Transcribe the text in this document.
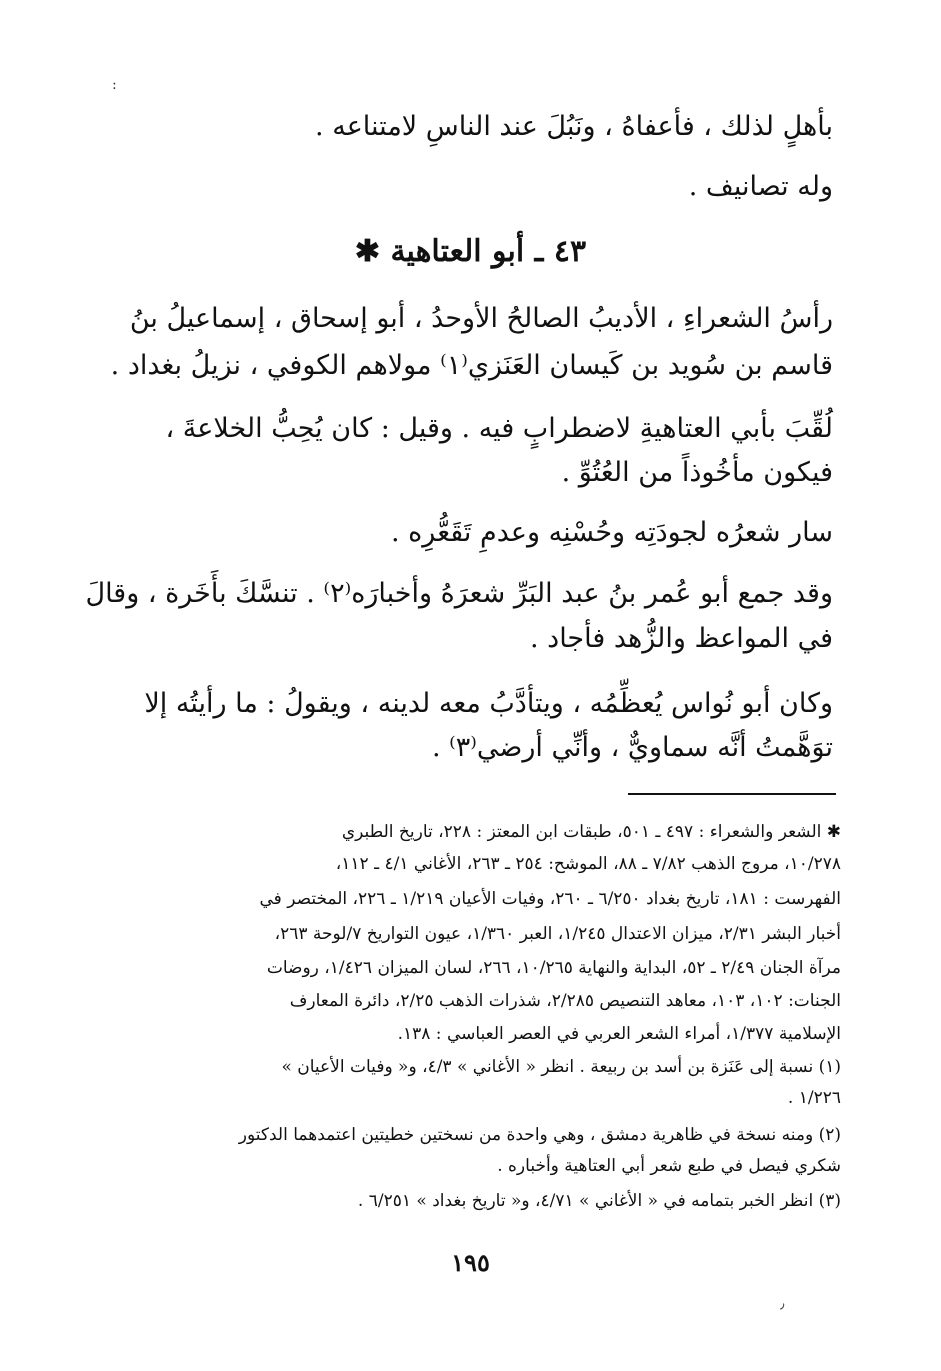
:
بأهلٍ لذلك ، فأعفاهُ ، ونَبُلَ عند الناسِ لامتناعه .
وله تصانيف .
٤٣ ـ أبو العتاهية ✱
رأسُ الشعراءِ ، الأديبُ الصالحُ الأوحدُ ، أبو إسحاق ، إسماعيلُ بنُ
قاسم بن سُويد بن كَيسان العَنَزي⁽١⁾ مولاهم الكوفي ، نزيلُ بغداد .
لُقِّبَ بأبي العتاهيةِ لاضطرابٍ فيه . وقيل : كان يُحِبُّ الخلاعةَ ،
فيكون مأخُوذاً من العُتُوِّ .
سار شعرُه لجودَتِه وحُسْنِه وعدمِ تَقَعُّرِه .
وقد جمع أبو عُمر بنُ عبد البَرِّ شعرَهُ وأخبارَه⁽٢⁾ . تنسَّكَ بأَخَرة ، وقالَ
في المواعظ والزُّهد فأجاد .
وكان أبو نُواس يُعظِّمُه ، ويتأدَّبُ معه لدينه ، ويقولُ : ما رأيتُه إلا
توَهَّمتُ أنَّه سماويٌّ ، وأنِّي أرضي⁽٣⁾ .
✱ الشعر والشعراء : ٤٩٧ ـ ٥٠١، طبقات ابن المعتز : ٢٢٨، تاريخ الطبري
١٠/٢٧٨، مروج الذهب ٧/٨٢ ـ ٨٨، الموشح: ٢٥٤ ـ ٢٦٣، الأغاني ٤/١ ـ ١١٢،
الفهرست : ١٨١، تاريخ بغداد ٦/٢٥٠ ـ ٢٦٠، وفيات الأعيان ١/٢١٩ ـ ٢٢٦، المختصر في
أخبار البشر ٢/٣١، ميزان الاعتدال ١/٢٤٥، العبر ١/٣٦٠، عيون التواريخ ٧/لوحة ٢٦٣،
مرآة الجنان ٢/٤٩ ـ ٥٢، البداية والنهاية ١٠/٢٦٥، ٢٦٦، لسان الميزان ١/٤٢٦، روضات
الجنات: ١٠٢، ١٠٣، معاهد التنصيص ٢/٢٨٥، شذرات الذهب ٢/٢٥، دائرة المعارف
الإسلامية ١/٣٧٧، أمراء الشعر العربي في العصر العباسي : ١٣٨.
(١) نسبة إلى عَنَزة بن أسد بن ربيعة . انظر « الأغاني » ٤/٣، و« وفيات الأعيان »
١/٢٢٦ .
(٢) ومنه نسخة في ظاهرية دمشق ، وهي واحدة من نسختين خطيتين اعتمدهما الدكتور
شكري فيصل في طبع شعر أبي العتاهية وأخباره .
(٣) انظر الخبر بتمامه في « الأغاني » ٤/٧١، و« تاريخ بغداد » ٦/٢٥١ .
١٩٥
٫
